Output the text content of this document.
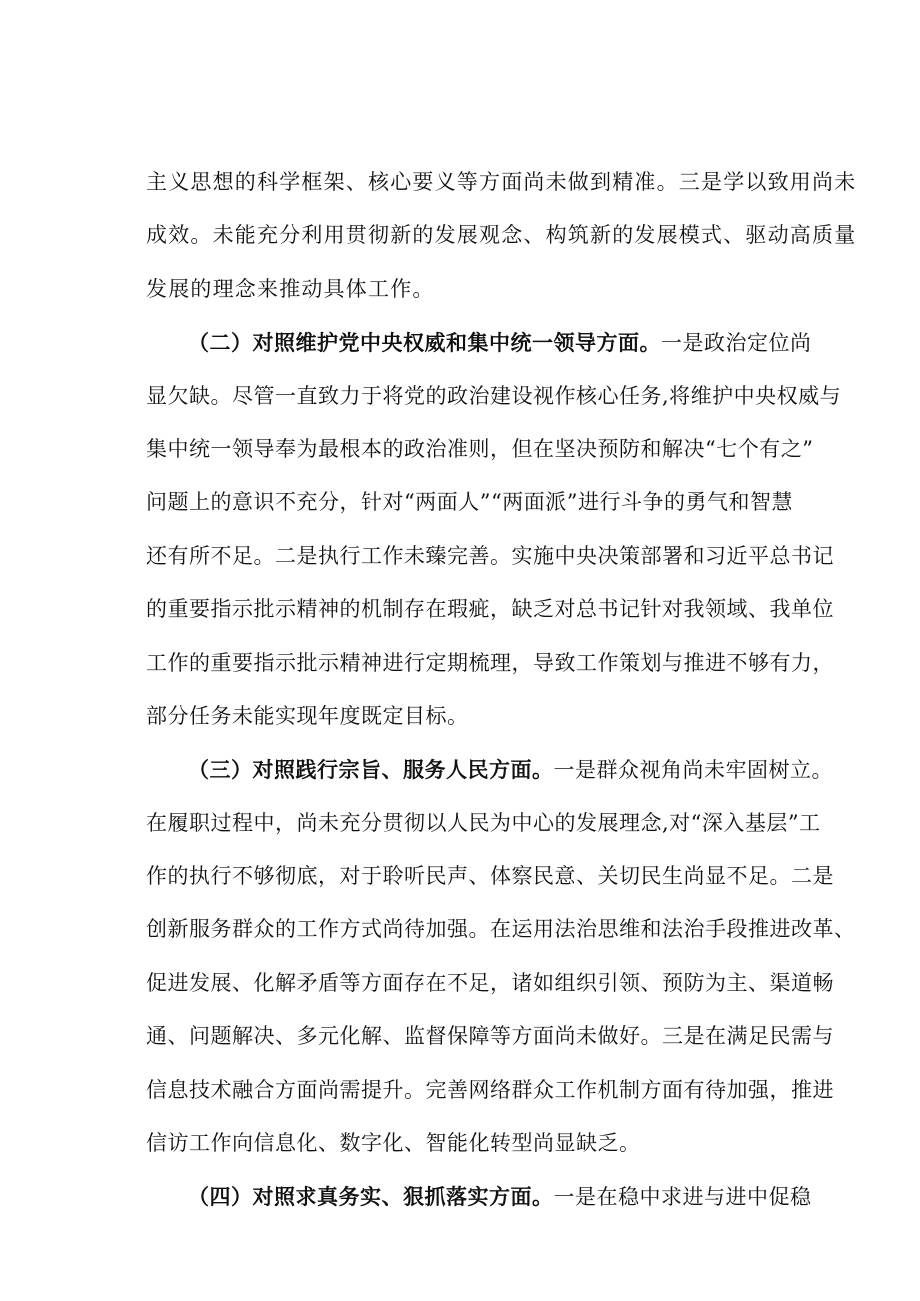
主义思想的科学框架、核心要义等方面尚未做到精准。三是学以致用尚未
成效。未能充分利用贯彻新的发展观念、构筑新的发展模式、驱动高质量
发展的理念来推动具体工作。
（二）对照维护党中央权威和集中统一领导方面。一是政治定位尚
显欠缺。尽管一直致力于将党的政治建设视作核心任务,将维护中央权威与
集中统一领导奉为最根本的政治准则，但在坚决预防和解决“七个有之”
问题上的意识不充分，针对“两面人”“两面派”进行斗争的勇气和智慧
还有所不足。二是执行工作未臻完善。实施中央决策部署和习近平总书记
的重要指示批示精神的机制存在瑕疵，缺乏对总书记针对我领域、我单位
工作的重要指示批示精神进行定期梳理，导致工作策划与推进不够有力，
部分任务未能实现年度既定目标。
（三）对照践行宗旨、服务人民方面。一是群众视角尚未牢固树立。
在履职过程中，尚未充分贯彻以人民为中心的发展理念,对“深入基层”工
作的执行不够彻底，对于聆听民声、体察民意、关切民生尚显不足。二是
创新服务群众的工作方式尚待加强。在运用法治思维和法治手段推进改革、
促进发展、化解矛盾等方面存在不足，诸如组织引领、预防为主、渠道畅
通、问题解决、多元化解、监督保障等方面尚未做好。三是在满足民需与
信息技术融合方面尚需提升。完善网络群众工作机制方面有待加强，推进
信访工作向信息化、数字化、智能化转型尚显缺乏。
（四）对照求真务实、狠抓落实方面。一是在稳中求进与进中促稳
